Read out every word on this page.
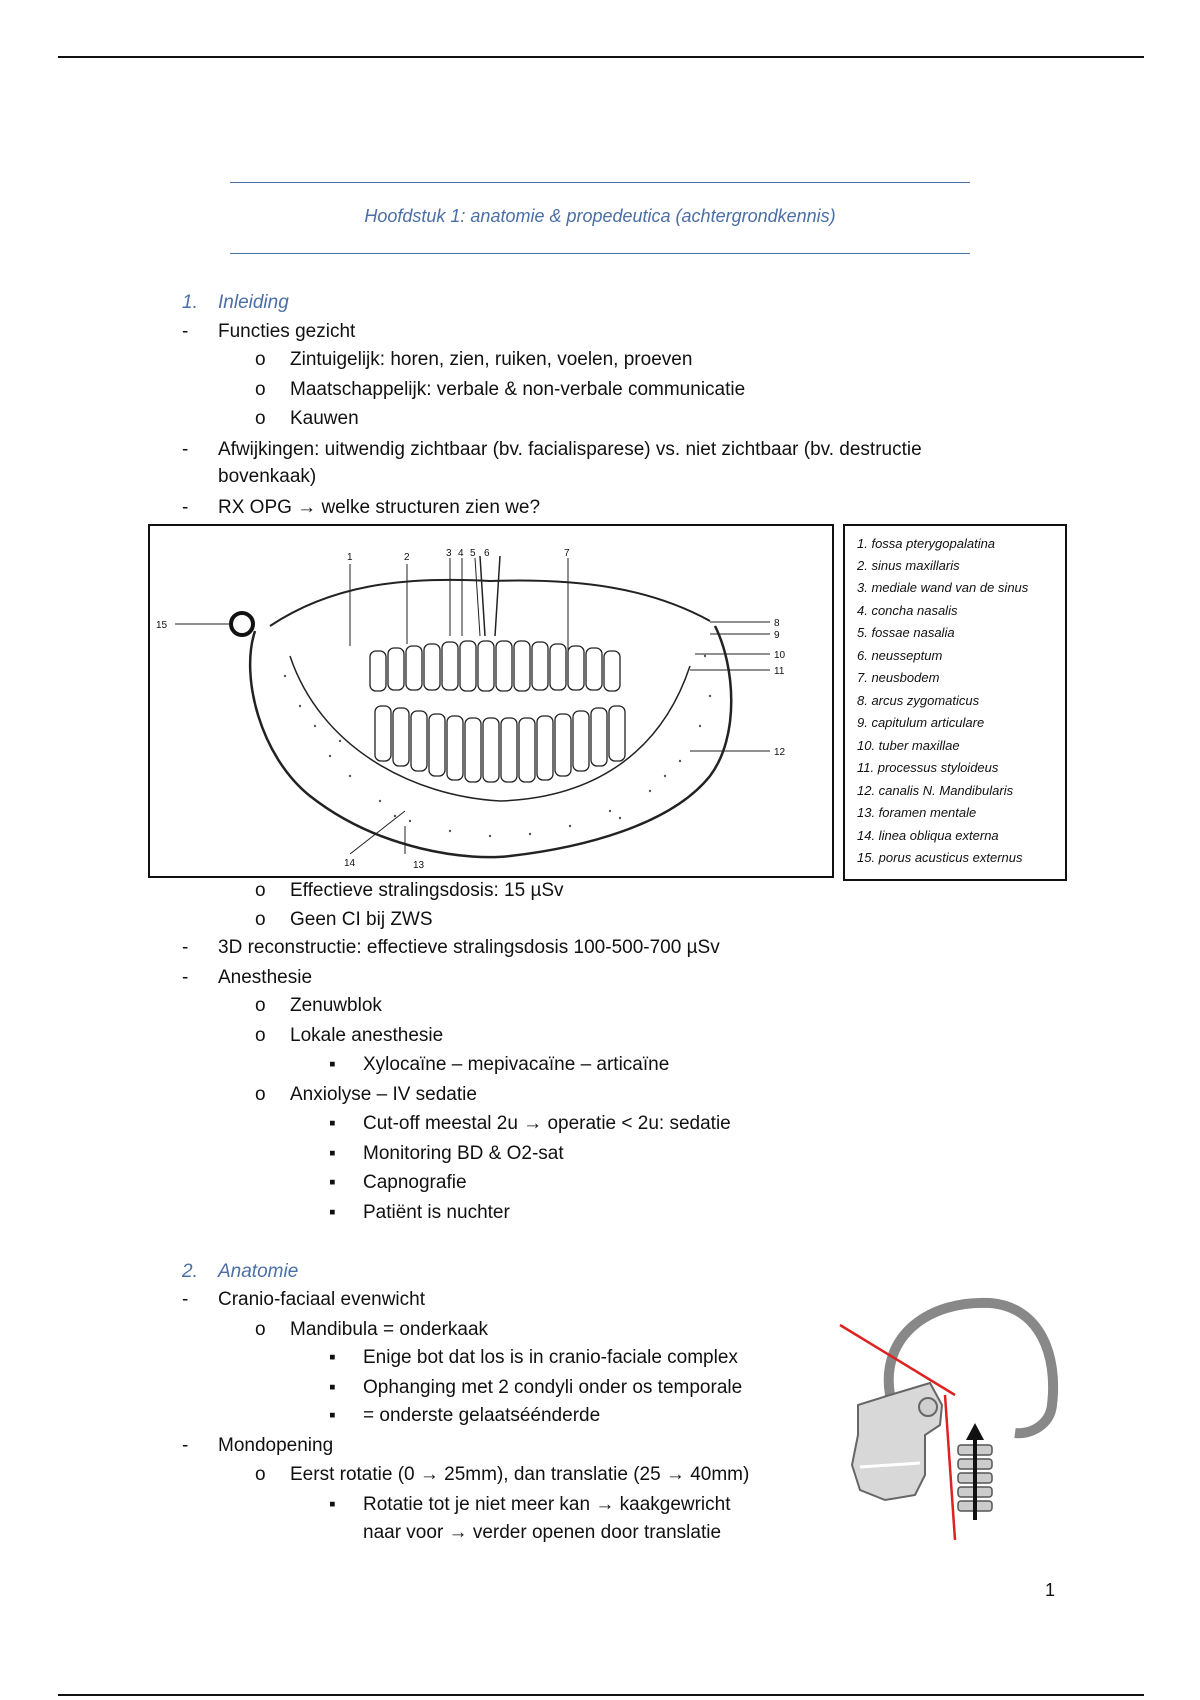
Hoofdstuk 1: anatomie & propedeutica (achtergrondkennis)
1. Inleiding
- Functies gezicht
o Zintuigelijk: horen, zien, ruiken, voelen, proeven
o Maatschappelijk: verbale & non-verbale communicatie
o Kauwen
- Afwijkingen: uitwendig zichtbaar (bv. facialisparese) vs. niet zichtbaar (bv. destructie
bovenkaak)
- RX OPG → welke structuren zien we?
1	2	3 4 5 6	7
8
9
10
11
12
13
14
15
1. fossa pterygopalatina
2. sinus maxillaris
3. mediale wand van de sinus
4. concha nasalis
5. fossae nasalia
6. neusseptum
7. neusbodem
8. arcus zygomaticus
9. capitulum articulare
10. tuber maxillae
11. processus styloideus
12. canalis N. Mandibularis
13. foramen mentale
14. linea obliqua externa
15. porus acusticus externus
o Effectieve stralingsdosis: 15 µSv
o Geen CI bij ZWS
- 3D reconstructie: effectieve stralingsdosis 100-500-700 µSv
- Anesthesie
o Zenuwblok
o Lokale anesthesie
▪ Xylocaïne – mepivacaïne – articaïne
o Anxiolyse – IV sedatie
▪ Cut-off meestal 2u → operatie < 2u: sedatie
▪ Monitoring BD & O2-sat
▪ Capnografie
▪ Patiënt is nuchter
2. Anatomie
- Cranio-faciaal evenwicht
o Mandibula = onderkaak
▪ Enige bot dat los is in cranio-faciale complex
▪ Ophanging met 2 condyli onder os temporale
▪ = onderste gelaatséénderde
- Mondopening
o Eerst rotatie (0 → 25mm), dan translatie (25 → 40mm)
▪ Rotatie tot je niet meer kan → kaakgewricht
naar voor → verder openen door translatie
1
